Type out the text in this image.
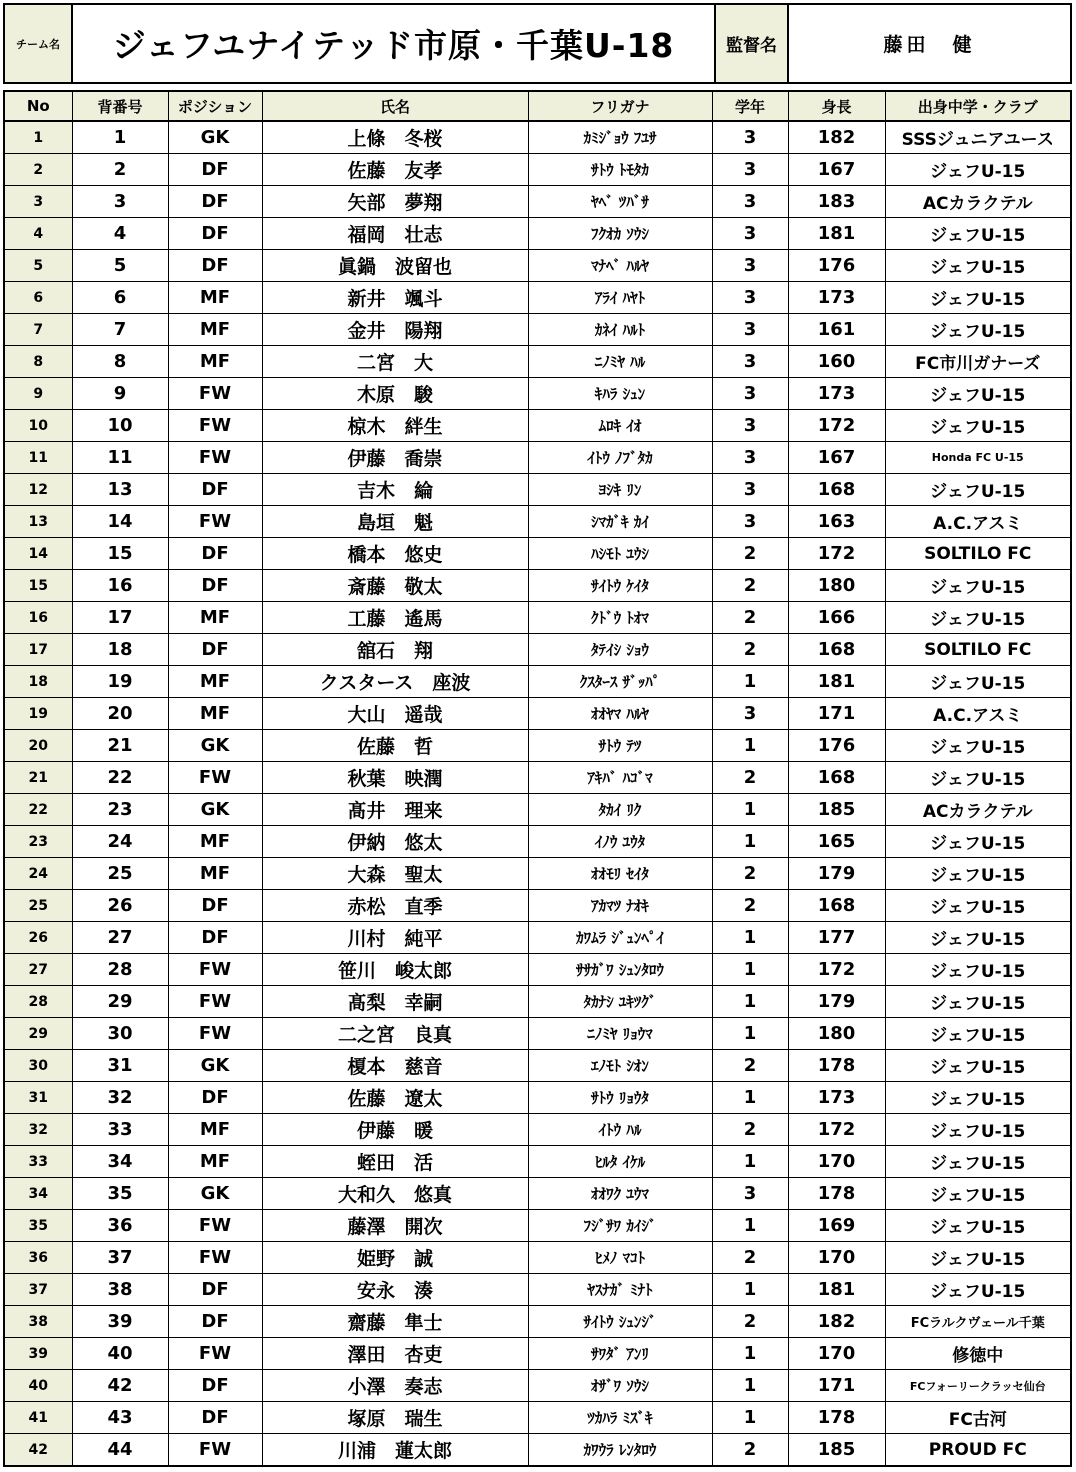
チーム名	ジェフユナイテッド市原・千葉U-18	監督名	藤田　健
No	背番号	ポジション	氏名	フリガナ	学年	身長	出身中学・クラブ
1	1	GK	上條　冬桜	ｶﾐｼﾞｮｳ ﾌﾕｻ	3	182	SSSジュニアユース
2	2	DF	佐藤　友孝	ｻﾄｳ ﾄﾓﾀｶ	3	167	ジェフU-15
3	3	DF	矢部　夢翔	ﾔﾍﾞ ﾂﾊﾞｻ	3	183	ACカラクテル
4	4	DF	福岡　壮志	ﾌｸｵｶ ｿｳｼ	3	181	ジェフU-15
5	5	DF	眞鍋　波留也	ﾏﾅﾍﾞ ﾊﾙﾔ	3	176	ジェフU-15
6	6	MF	新井　颯斗	ｱﾗｲ ﾊﾔﾄ	3	173	ジェフU-15
7	7	MF	金井　陽翔	ｶﾈｲ ﾊﾙﾄ	3	161	ジェフU-15
8	8	MF	二宮　大	ﾆﾉﾐﾔ ﾊﾙ	3	160	FC市川ガナーズ
9	9	FW	木原　駿	ｷﾊﾗ ｼｭﾝ	3	173	ジェフU-15
10	10	FW	椋木　絆生	ﾑﾛｷ ｲｵ	3	172	ジェフU-15
11	11	FW	伊藤　喬崇	ｲﾄｳ ﾉﾌﾞﾀｶ	3	167	Honda FC U-15
12	13	DF	吉木　綸	ﾖｼｷ ﾘﾝ	3	168	ジェフU-15
13	14	FW	島垣　魁	ｼﾏｶﾞｷ ｶｲ	3	163	A.C.アスミ
14	15	DF	橋本　悠史	ﾊｼﾓﾄ ﾕｳｼ	2	172	SOLTILO FC
15	16	DF	斎藤　敬太	ｻｲﾄｳ ｹｲﾀ	2	180	ジェフU-15
16	17	MF	工藤　遙馬	ｸﾄﾞｳ ﾄｵﾏ	2	166	ジェフU-15
17	18	DF	舘石　翔	ﾀﾃｲｼ ｼｮｳ	2	168	SOLTILO FC
18	19	MF	クスタース　座波	ｸｽﾀｰｽ ｻﾞｯﾊﾟ	1	181	ジェフU-15
19	20	MF	大山　遥哉	ｵｵﾔﾏ ﾊﾙﾔ	3	171	A.C.アスミ
20	21	GK	佐藤　哲	ｻﾄｳ ﾃﾂ	1	176	ジェフU-15
21	22	FW	秋葉　映潤	ｱｷﾊﾞ ﾊｺﾞﾏ	2	168	ジェフU-15
22	23	GK	髙井　理来	ﾀｶｲ ﾘｸ	1	185	ACカラクテル
23	24	MF	伊納　悠太	ｲﾉｳ ﾕｳﾀ	1	165	ジェフU-15
24	25	MF	大森　聖太	ｵｵﾓﾘ ｾｲﾀ	2	179	ジェフU-15
25	26	DF	赤松　直季	ｱｶﾏﾂ ﾅｵｷ	2	168	ジェフU-15
26	27	DF	川村　純平	ｶﾜﾑﾗ ｼﾞｭﾝﾍﾟｲ	1	177	ジェフU-15
27	28	FW	笹川　峻太郎	ｻｻｶﾞﾜ ｼｭﾝﾀﾛｳ	1	172	ジェフU-15
28	29	FW	髙梨　幸嗣	ﾀｶﾅｼ ﾕｷﾂｸﾞ	1	179	ジェフU-15
29	30	FW	二之宮　良真	ﾆﾉﾐﾔ ﾘｮｳﾏ	1	180	ジェフU-15
30	31	GK	榎本　慈音	ｴﾉﾓﾄ ｼｵﾝ	2	178	ジェフU-15
31	32	DF	佐藤　遼太	ｻﾄｳ ﾘｮｳﾀ	1	173	ジェフU-15
32	33	MF	伊藤　暖	ｲﾄｳ ﾊﾙ	2	172	ジェフU-15
33	34	MF	蛭田　活	ﾋﾙﾀ ｲｹﾙ	1	170	ジェフU-15
34	35	GK	大和久　悠真	ｵｵﾜｸ ﾕｳﾏ	3	178	ジェフU-15
35	36	FW	藤澤　開次	ﾌｼﾞｻﾜ ｶｲｼﾞ	1	169	ジェフU-15
36	37	FW	姫野　誠	ﾋﾒﾉ ﾏｺﾄ	2	170	ジェフU-15
37	38	DF	安永　湊	ﾔｽﾅｶﾞ ﾐﾅﾄ	1	181	ジェフU-15
38	39	DF	齋藤　隼士	ｻｲﾄｳ ｼｭﾝｼﾞ	2	182	FCラルクヴェール千葉
39	40	FW	澤田　杏吏	ｻﾜﾀﾞ ｱﾝﾘ	1	170	修徳中
40	42	DF	小澤　奏志	ｵｻﾞﾜ ｿｳｼ	1	171	FCフォーリークラッセ仙台
41	43	DF	塚原　瑞生	ﾂｶﾊﾗ ﾐｽﾞｷ	1	178	FC古河
42	44	FW	川浦　蓮太郎	ｶﾜｳﾗ ﾚﾝﾀﾛｳ	2	185	PROUD FC
